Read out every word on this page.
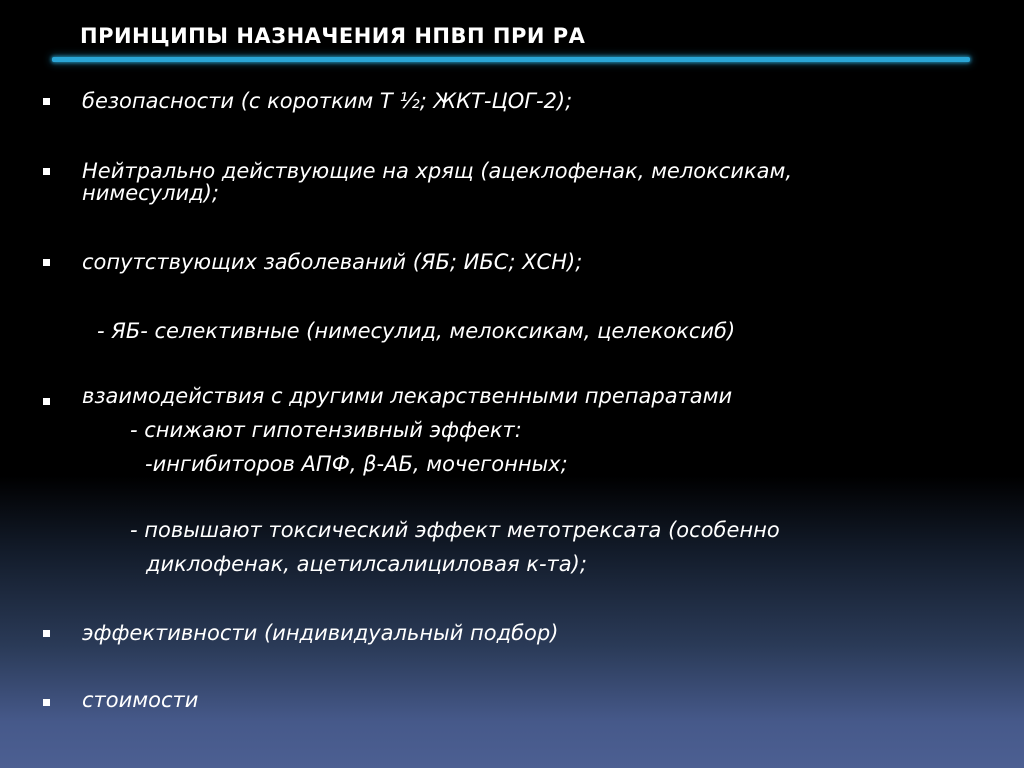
ПРИНЦИПЫ НАЗНАЧЕНИЯ НПВП ПРИ РА
безопасности (с коротким Т ½; ЖКТ-ЦОГ-2);
Нейтрально действующие на хрящ (ацеклофенак, мелоксикам,
нимесулид);
сопутствующих заболеваний (ЯБ; ИБС; ХСН);
- ЯБ- селективные (нимесулид, мелоксикам, целекоксиб)
взаимодействия с другими лекарственными препаратами
- снижают гипотензивный эффект:
-ингибиторов АПФ, β-АБ, мочегонных;
- повышают токсический эффект метотрексата (особенно
диклофенак, ацетилсалициловая к-та);
эффективности (индивидуальный подбор)
стоимости
